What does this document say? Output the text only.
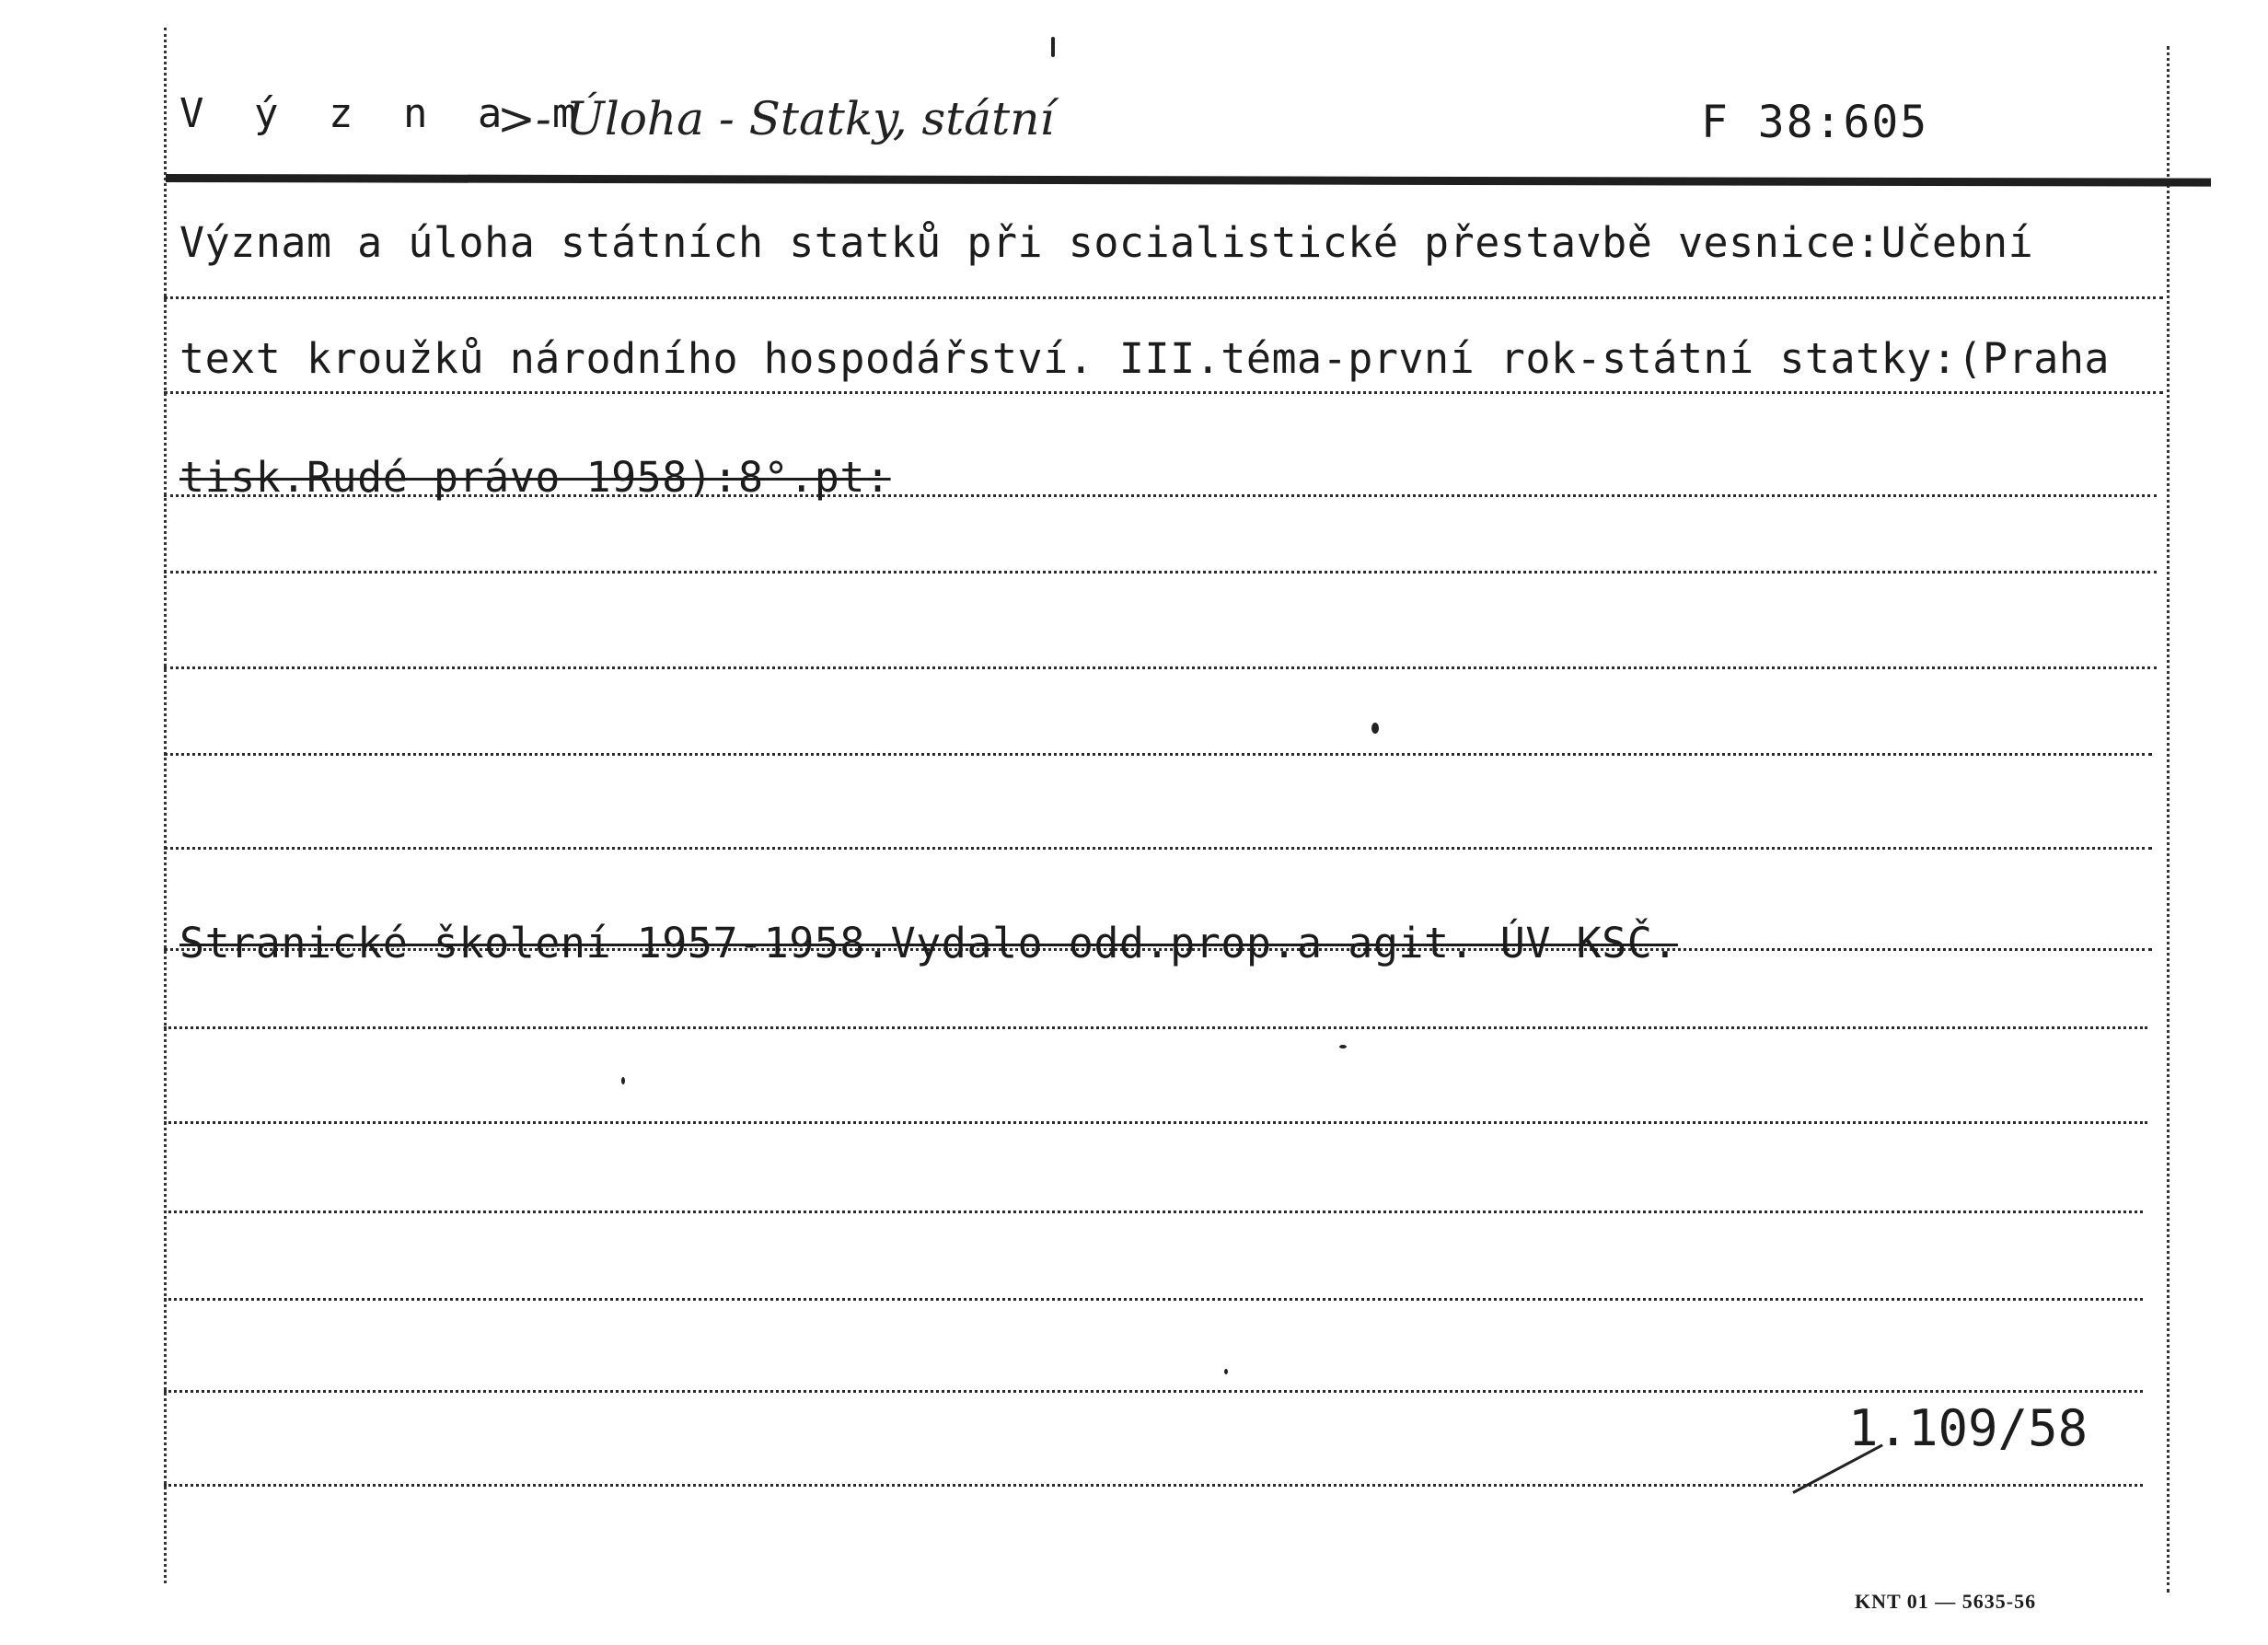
V ý z n a m
>- Úloha - Statky, státní	F 38:605
Význam a úloha státních statků při socialistické přestavbě vesnice:Učební
text kroužků národního hospodářství. III.téma-první rok-státní statky:(Praha
tisk.Rudé právo 1958):8°.pt:
Stranické školení 1957-1958.Vydalo odd.prop.a agit. ÚV KSČ.
1.109/58
KNT 01 — 5635-56
